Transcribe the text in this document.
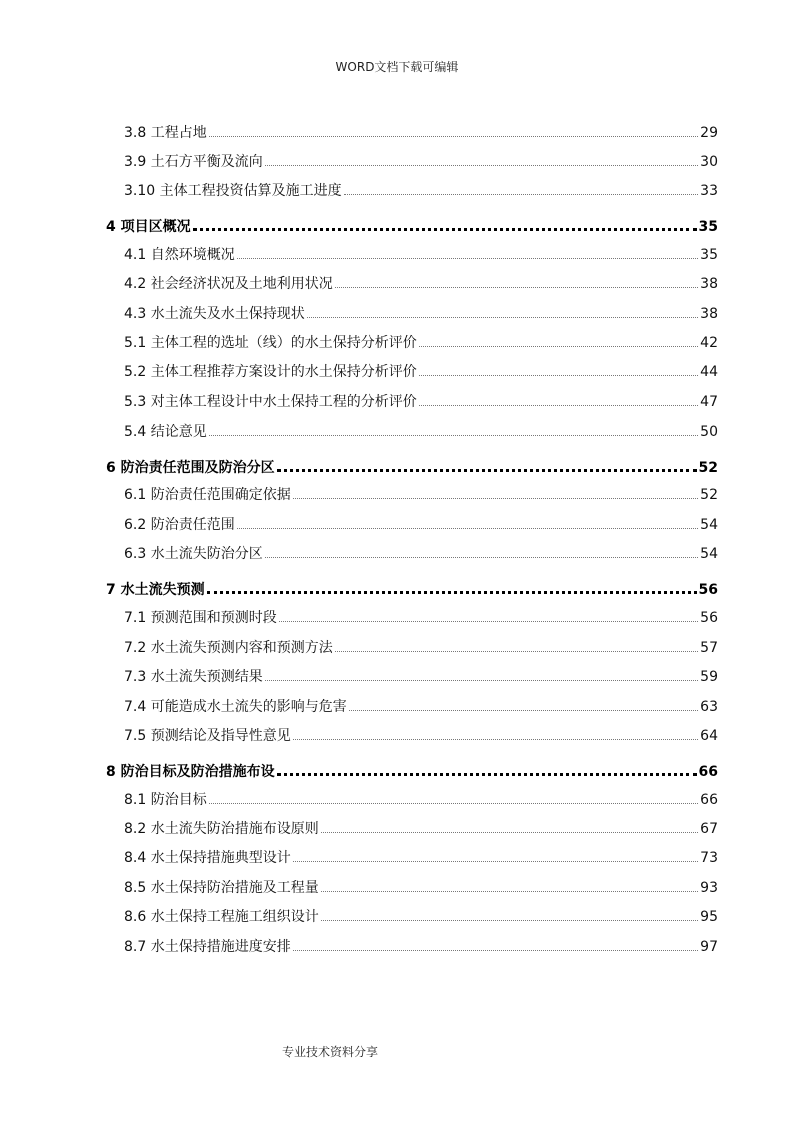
WORD文档下载可编辑
3.8 工程占地	29
3.9 土石方平衡及流向	30
3.10 主体工程投资估算及施工进度	33
4 项目区概况	35
4.1 自然环境概况	35
4.2 社会经济状况及土地利用状况	38
4.3 水土流失及水土保持现状	38
5.1 主体工程的选址（线）的水土保持分析评价	42
5.2 主体工程推荐方案设计的水土保持分析评价	44
5.3 对主体工程设计中水土保持工程的分析评价	47
5.4 结论意见	50
6 防治责任范围及防治分区	52
6.1 防治责任范围确定依据	52
6.2 防治责任范围	54
6.3 水土流失防治分区	54
7 水土流失预测	56
7.1 预测范围和预测时段	56
7.2 水土流失预测内容和预测方法	57
7.3 水土流失预测结果	59
7.4 可能造成水土流失的影响与危害	63
7.5 预测结论及指导性意见	64
8 防治目标及防治措施布设	66
8.1 防治目标	66
8.2 水土流失防治措施布设原则	67
8.4 水土保持措施典型设计	73
8.5 水土保持防治措施及工程量	93
8.6 水土保持工程施工组织设计	95
8.7 水土保持措施进度安排	97
专业技术资料分享
